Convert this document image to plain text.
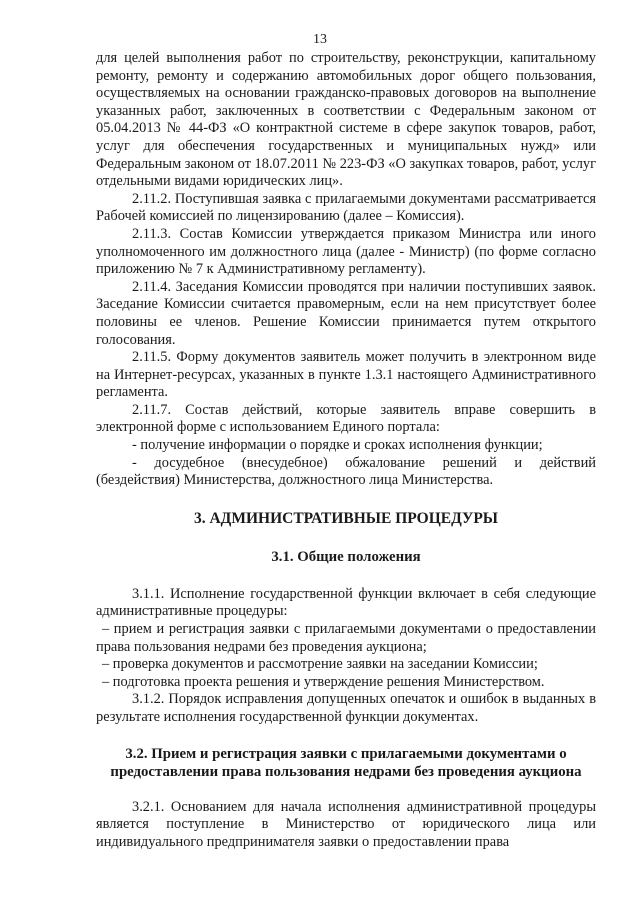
13

для целей выполнения работ по строительству, реконструкции, капитальному ремонту, ремонту и содержанию автомобильных дорог общего пользования, осуществляемых на основании гражданско-правовых договоров на выполнение указанных работ, заключенных в соответствии с Федеральным законом от 05.04.2013 № 44-ФЗ «О контрактной системе в сфере закупок товаров, работ, услуг для обеспечения государственных и муниципальных нужд» или Федеральным законом от 18.07.2011 № 223-ФЗ «О закупках товаров, работ, услуг отдельными видами юридических лиц».

2.11.2. Поступившая заявка с прилагаемыми документами рассматривается Рабочей комиссией по лицензированию (далее – Комиссия).

2.11.3. Состав Комиссии утверждается приказом Министра или иного уполномоченного им должностного лица (далее - Министр) (по форме согласно приложению № 7 к Административному регламенту).

2.11.4. Заседания Комиссии проводятся при наличии поступивших заявок. Заседание Комиссии считается правомерным, если на нем присутствует более половины ее членов. Решение Комиссии принимается путем открытого голосования.

2.11.5. Форму документов заявитель может получить в электронном виде на Интернет-ресурсах, указанных в пункте 1.3.1 настоящего Административного регламента.

2.11.7. Состав действий, которые заявитель вправе совершить в электронной форме с использованием Единого портала:

- получение информации о порядке и сроках исполнения функции;

- досудебное (внесудебное) обжалование решений и действий (бездействия) Министерства, должностного лица Министерства.

3. АДМИНИСТРАТИВНЫЕ ПРОЦЕДУРЫ
3.1. Общие положения

3.1.1. Исполнение государственной функции включает в себя следующие административные процедуры:

– прием и регистрация заявки с прилагаемыми документами о предоставлении права пользования недрами без проведения аукциона;

– проверка документов и рассмотрение заявки на заседании Комиссии;

– подготовка проекта решения и утверждение решения Министерством.

3.1.2. Порядок исправления допущенных опечаток и ошибок в выданных в результате исполнения государственной функции документах.

3.2. Прием и регистрация заявки с прилагаемыми документами о предоставлении права пользования недрами без проведения аукциона

3.2.1. Основанием для начала исполнения административной процедуры является поступление в Министерство от юридического лица или индивидуального предпринимателя заявки о предоставлении права
